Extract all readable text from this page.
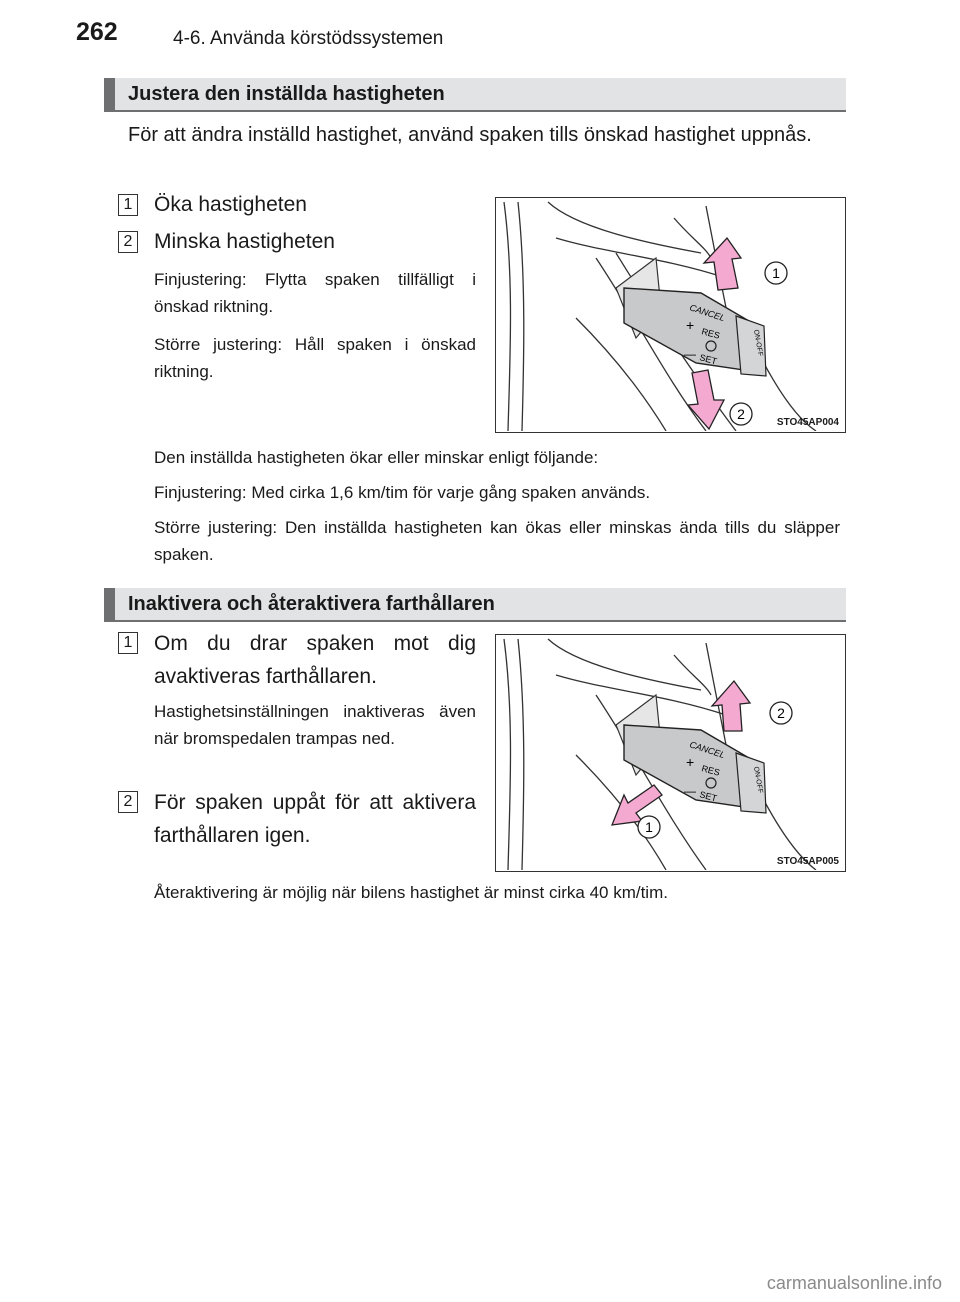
262	4-6. Använda körstödssystemen
Justera den inställda hastigheten
För att ändra inställd hastighet, använd spaken tills önskad hastighet uppnås.
1 Öka hastigheten
2 Minska hastigheten
Finjustering: Flytta spaken tillfälligt i önskad riktning.
Större justering: Håll spaken i önskad riktning.
CANCEL
+
RES
— SET
ON-OFF
1
2
STO45AP004
Den inställda hastigheten ökar eller minskar enligt följande:
Finjustering: Med cirka 1,6 km/tim för varje gång spaken används.
Större justering: Den inställda hastigheten kan ökas eller minskas ända tills du släpper spaken.
Inaktivera och återaktivera farthållaren
1 Om du drar spaken mot dig avaktiveras farthållaren.
Hastighetsinställningen inaktiveras även när bromspedalen trampas ned.
2 För spaken uppåt för att aktivera farthållaren igen.
CANCEL
+
RES
— SET
ON-OFF
2
1
STO45AP005
Återaktivering är möjlig när bilens hastighet är minst cirka 40 km/tim.
carmanualsonline.info
